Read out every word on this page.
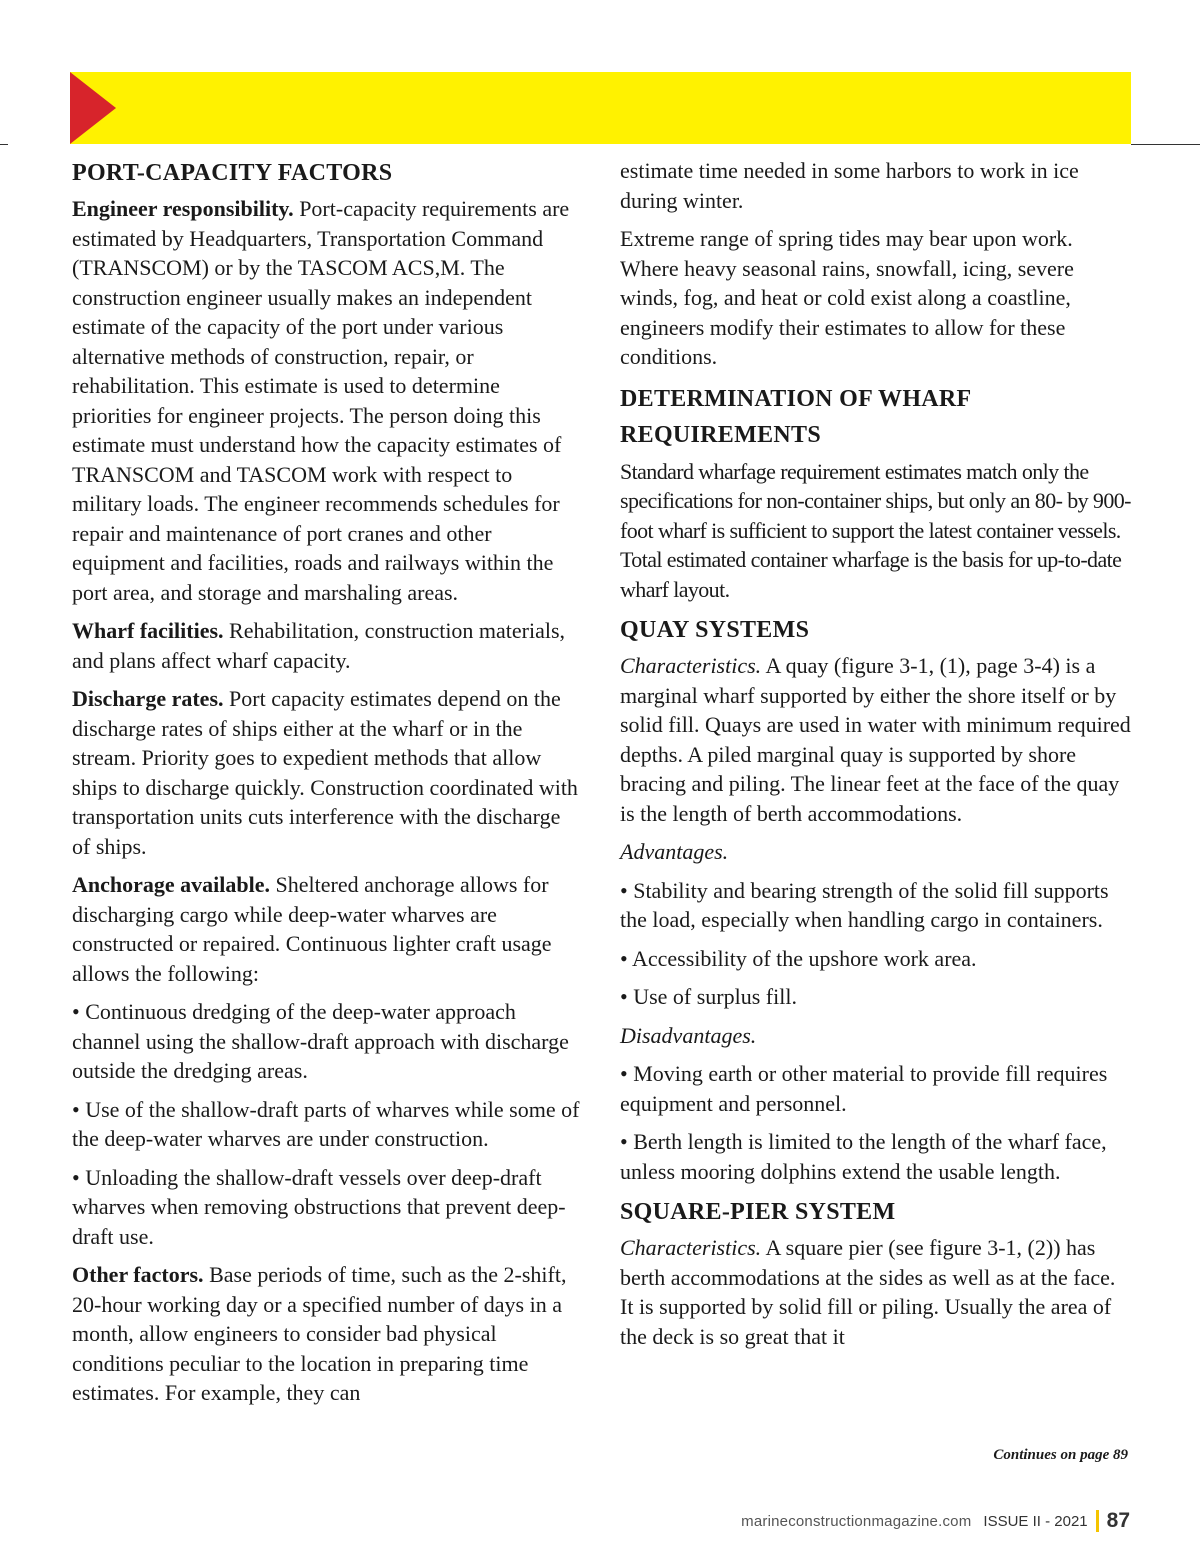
PORT-CAPACITY FACTORS

Engineer responsibility. Port-capacity requirements are estimated by Headquarters, Transportation Command (TRANSCOM) or by the TASCOM ACS,M. The construction engineer usually makes an independent estimate of the capacity of the port under various alternative methods of construction, repair, or rehabilitation. This estimate is used to determine priorities for engineer projects. The person doing this estimate must understand how the capacity estimates of TRANSCOM and TASCOM work with respect to military loads. The engineer recommends schedules for repair and maintenance of port cranes and other equipment and facilities, roads and railways within the port area, and storage and marshaling areas.

Wharf facilities. Rehabilitation, construction materials, and plans affect wharf capacity.

Discharge rates. Port capacity estimates depend on the discharge rates of ships either at the wharf or in the stream. Priority goes to expedient methods that allow ships to discharge quickly. Construction coordinated with transportation units cuts interference with the discharge of ships.

Anchorage available. Sheltered anchorage allows for discharging cargo while deep-water wharves are constructed or repaired. Continuous lighter craft usage allows the following:

• Continuous dredging of the deep-water approach channel using the shallow-draft approach with discharge outside the dredging areas.

• Use of the shallow-draft parts of wharves while some of the deep-water wharves are under construction.

• Unloading the shallow-draft vessels over deep-draft wharves when removing obstructions that prevent deep-draft use.

Other factors. Base periods of time, such as the 2-shift, 20-hour working day or a specified number of days in a month, allow engineers to consider bad physical conditions peculiar to the location in preparing time estimates. For example, they can

estimate time needed in some harbors to work in ice during winter.

Extreme range of spring tides may bear upon work. Where heavy seasonal rains, snowfall, icing, severe winds, fog, and heat or cold exist along a coastline, engineers modify their estimates to allow for these conditions.

DETERMINATION OF WHARF REQUIREMENTS

Standard wharfage requirement estimates match only the specifications for non-container ships, but only an 80- by 900-foot wharf is sufficient to support the latest container vessels. Total estimated container wharfage is the basis for up-to-date wharf layout.

QUAY SYSTEMS

Characteristics. A quay (figure 3-1, (1), page 3-4) is a marginal wharf supported by either the shore itself or by solid fill. Quays are used in water with minimum required depths. A piled marginal quay is supported by shore bracing and piling. The linear feet at the face of the quay is the length of berth accommodations.

Advantages.

• Stability and bearing strength of the solid fill supports the load, especially when handling cargo in containers.

• Accessibility of the upshore work area.

• Use of surplus fill.

Disadvantages.

• Moving earth or other material to provide fill requires equipment and personnel.

• Berth length is limited to the length of the wharf face, unless mooring dolphins extend the usable length.

SQUARE-PIER SYSTEM

Characteristics. A square pier (see figure 3-1, (2)) has berth accommodations at the sides as well as at the face. It is supported by solid fill or piling. Usually the area of the deck is so great that it

Continues on page 89
marineconstructionmagazine.com ISSUE II - 2021 87
